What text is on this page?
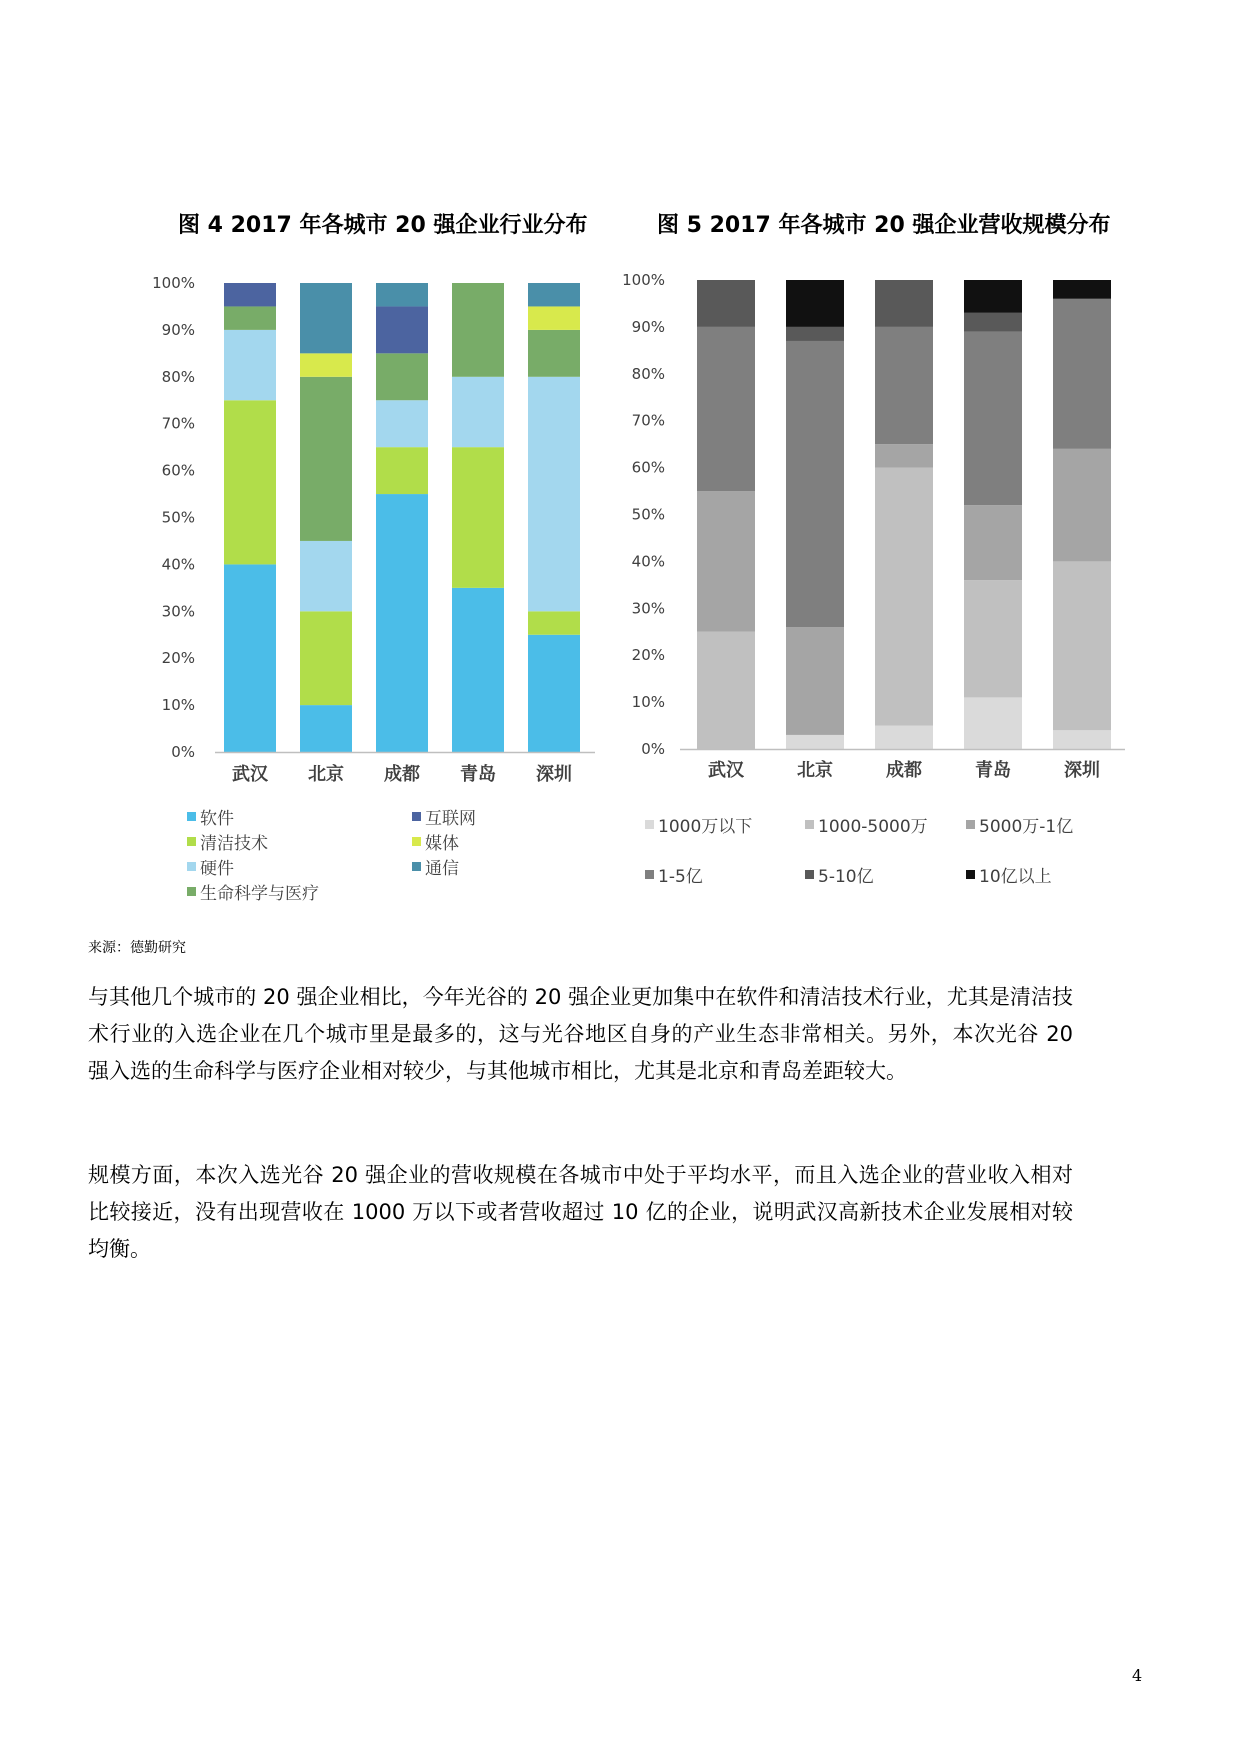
图 4 2017 年各城市 20 强企业行业分布	图 5 2017 年各城市 20 强企业营收规模分布
0%
10%
20%
30%
40%
50%
60%
70%
80%
90%
100%
武汉 北京 成都 青岛 深圳
0%
10%
20%
30%
40%
50%
60%
70%
80%
90%
100%
武汉	北京	成都	青岛	深圳
软件
清洁技术
硬件
生命科学与医疗
互联网
媒体
通信
1000万以下	1000-5000万	5000万-1亿
1-5亿	5-10亿	10亿以上
来源：德勤研究

与其他几个城市的 20 强企业相比，今年光谷的 20 强企业更加集中在软件和清洁技术行业，尤其是清洁技术行业的入选企业在几个城市里是最多的，这与光谷地区自身的产业生态非常相关。另外，本次光谷 20 强入选的生命科学与医疗企业相对较少，与其他城市相比，尤其是北京和青岛差距较大。

规模方面，本次入选光谷 20 强企业的营收规模在各城市中处于平均水平，而且入选企业的营业收入相对比较接近，没有出现营收在 1000 万以下或者营收超过 10 亿的企业，说明武汉高新技术企业发展相对较均衡。

4
